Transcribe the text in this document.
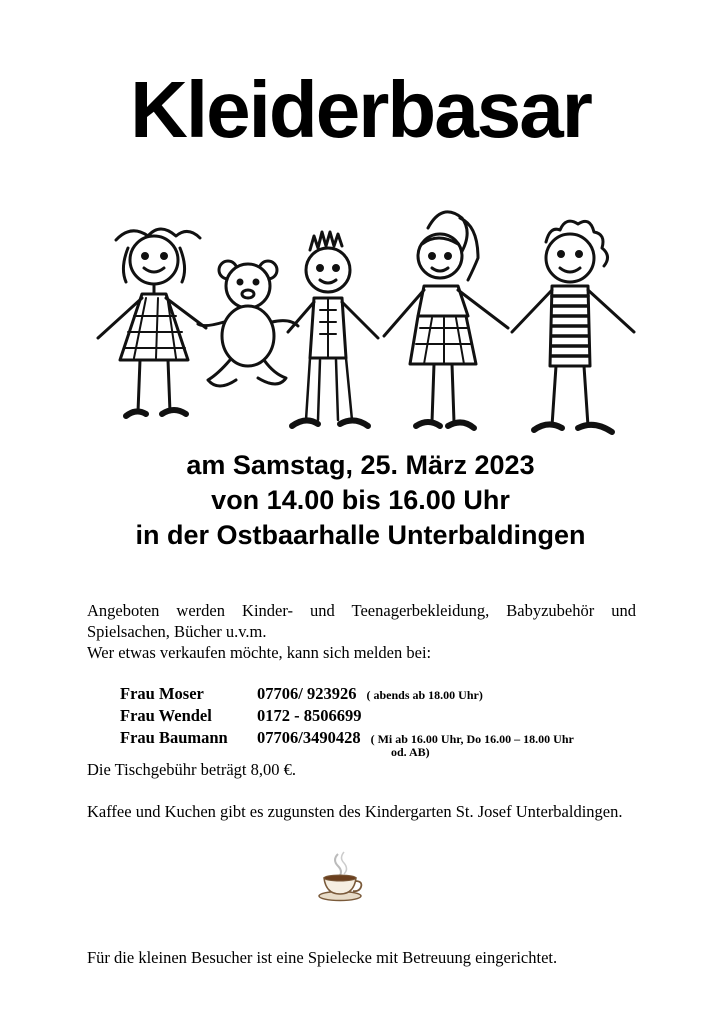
Kleiderbasar
am Samstag, 25. März 2023
von 14.00 bis 16.00 Uhr
in der Ostbaarhalle Unterbaldingen

Angeboten werden Kinder- und Teenagerbekleidung, Babyzubehör und Spielsachen, Bücher u.v.m.

Wer etwas verkaufen möchte, kann sich melden bei:

Frau Moser	07706/ 923926 ( abends ab 18.00 Uhr)
Frau Wendel	0172 - 8506699
Frau Baumann	07706/3490428 ( Mi ab 16.00 Uhr, Do 16.00 – 18.00 Uhr
od. AB)

Die Tischgebühr beträgt 8,00 €.

Kaffee und Kuchen gibt es zugunsten des Kindergarten St. Josef Unterbaldingen.

Für die kleinen Besucher ist eine Spielecke mit Betreuung eingerichtet.
